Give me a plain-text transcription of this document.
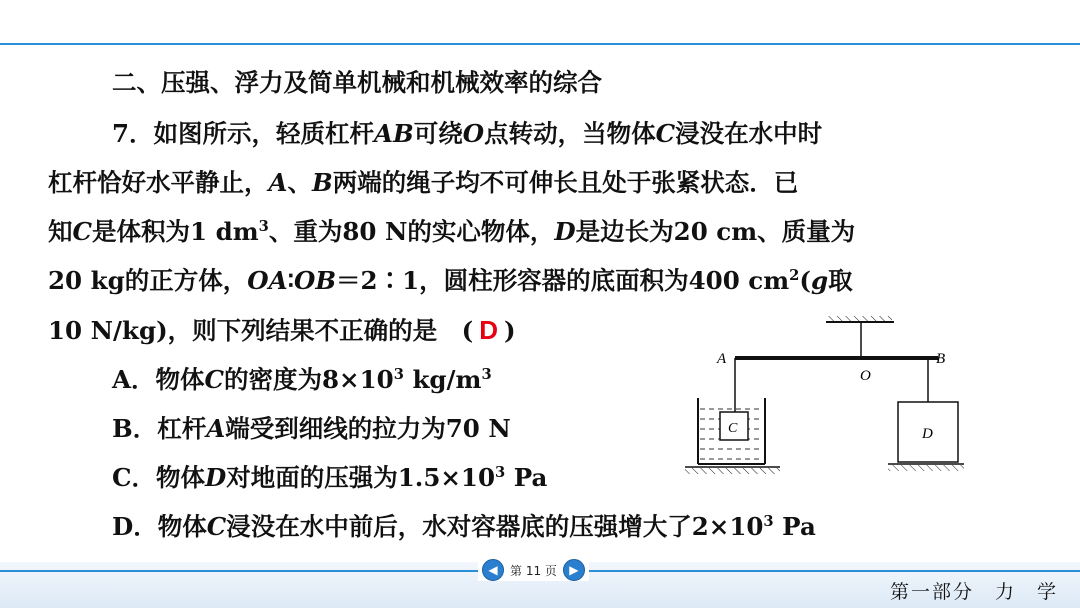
二、压强、浮力及简单机械和机械效率的综合
7．如图所示，轻质杠杆AB可绕O点转动，当物体C浸没在水中时
杠杆恰好水平静止，A、B两端的绳子均不可伸长且处于张紧状态．已
知C是体积为1 $dm^3$、重为80 N的实心物体，D是边长为20 cm、质量为
20 kg的正方体，OA∶OB＝2∶1，圆柱形容器的底面积为400 $cm^2(g$取
10 N/kg)，则下列结果不正确的是　 ( D )
A．物体C的密度为$8\times 10^3$ $kg/m^3$
B．杠杆A端受到细线的拉力为70 N
C．物体D对地面的压强为$1.5\times 10^3$ Pa
D．物体C浸没在水中前后，水对容器底的压强增大了$2\times 10^3$ Pa
A	B
O
C	D
◀	第 11 页	▶
第一部分　力　学
